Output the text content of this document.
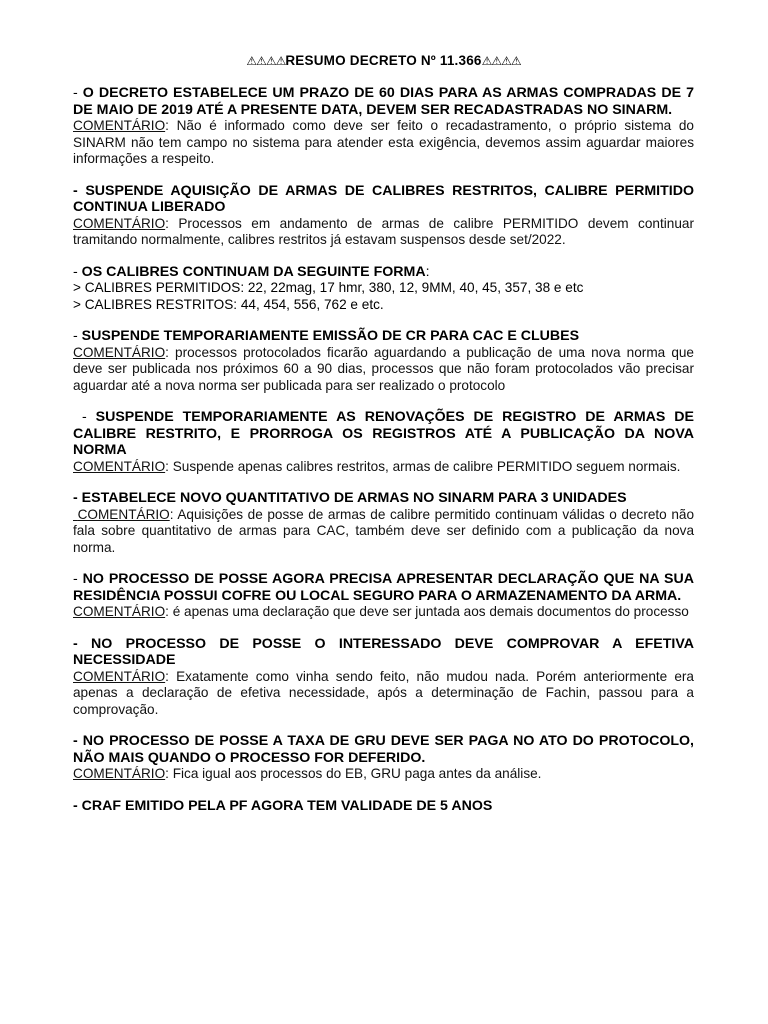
⚠⚠⚠⚠RESUMO DECRETO Nº 11.366⚠⚠⚠⚠

- O DECRETO ESTABELECE UM PRAZO DE 60 DIAS PARA AS ARMAS COMPRADAS DE 7 DE MAIO DE 2019 ATÉ A PRESENTE DATA, DEVEM SER RECADASTRADAS NO SINARM.

COMENTÁRIO: Não é informado como deve ser feito o recadastramento, o próprio sistema do SINARM não tem campo no sistema para atender esta exigência, devemos assim aguardar maiores informações a respeito.

- SUSPENDE AQUISIÇÃO DE ARMAS DE CALIBRES RESTRITOS, CALIBRE PERMITIDO CONTINUA LIBERADO

COMENTÁRIO: Processos em andamento de armas de calibre PERMITIDO devem continuar tramitando normalmente, calibres restritos já estavam suspensos desde set/2022.

- OS CALIBRES CONTINUAM DA SEGUINTE FORMA:

> CALIBRES PERMITIDOS: 22, 22mag, 17 hmr, 380, 12, 9MM, 40, 45, 357, 38 e etc

> CALIBRES RESTRITOS: 44, 454, 556, 762 e etc.

- SUSPENDE TEMPORARIAMENTE EMISSÃO DE CR PARA CAC E CLUBES

COMENTÁRIO: processos protocolados ficarão aguardando a publicação de uma nova norma que deve ser publicada nos próximos 60 a 90 dias, processos que não foram protocolados vão precisar aguardar até a nova norma ser publicada para ser realizado o protocolo

- SUSPENDE TEMPORARIAMENTE AS RENOVAÇÕES DE REGISTRO DE ARMAS DE CALIBRE RESTRITO, E PRORROGA OS REGISTROS ATÉ A PUBLICAÇÃO DA NOVA NORMA

COMENTÁRIO: Suspende apenas calibres restritos, armas de calibre PERMITIDO seguem normais.

- ESTABELECE NOVO QUANTITATIVO DE ARMAS NO SINARM PARA 3 UNIDADES

COMENTÁRIO: Aquisições de posse de armas de calibre permitido continuam válidas o decreto não fala sobre quantitativo de armas para CAC, também deve ser definido com a publicação da nova norma.

- NO PROCESSO DE POSSE AGORA PRECISA APRESENTAR DECLARAÇÃO QUE NA SUA RESIDÊNCIA POSSUI COFRE OU LOCAL SEGURO PARA O ARMAZENAMENTO DA ARMA.

COMENTÁRIO: é apenas uma declaração que deve ser juntada aos demais documentos do processo

- NO PROCESSO DE POSSE O INTERESSADO DEVE COMPROVAR A EFETIVA NECESSIDADE

COMENTÁRIO: Exatamente como vinha sendo feito, não mudou nada. Porém anteriormente era apenas a declaração de efetiva necessidade, após a determinação de Fachin, passou para a comprovação.

- NO PROCESSO DE POSSE A TAXA DE GRU DEVE SER PAGA NO ATO DO PROTOCOLO, NÃO MAIS QUANDO O PROCESSO FOR DEFERIDO.

COMENTÁRIO: Fica igual aos processos do EB, GRU paga antes da análise.

- CRAF EMITIDO PELA PF AGORA TEM VALIDADE DE 5 ANOS
